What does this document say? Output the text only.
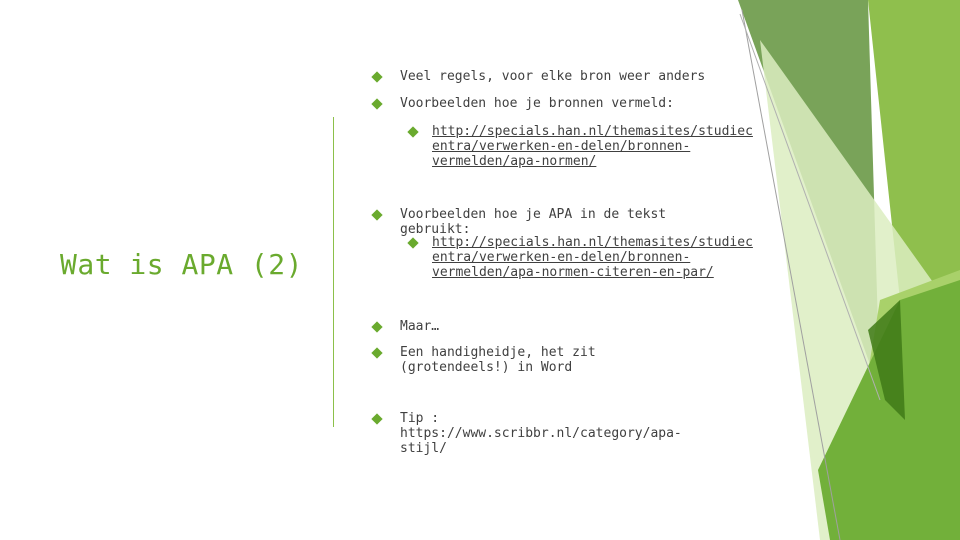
Wat is APA (2)
Veel regels, voor elke bron weer anders
Voorbeelden hoe je bronnen vermeld:
http://specials.han.nl/themasites/studiec entra/verwerken-en-delen/bronnen-vermelden/apa-normen/
Voorbeelden hoe je APA in de tekst gebruikt:
http://specials.han.nl/themasites/studiec entra/verwerken-en-delen/bronnen-vermelden/apa-normen-citeren-en-par/
Maar…
Een handigheidje, het zit (grotendeels!) in Word
Tip : https://www.scribbr.nl/category/apa-stijl/
